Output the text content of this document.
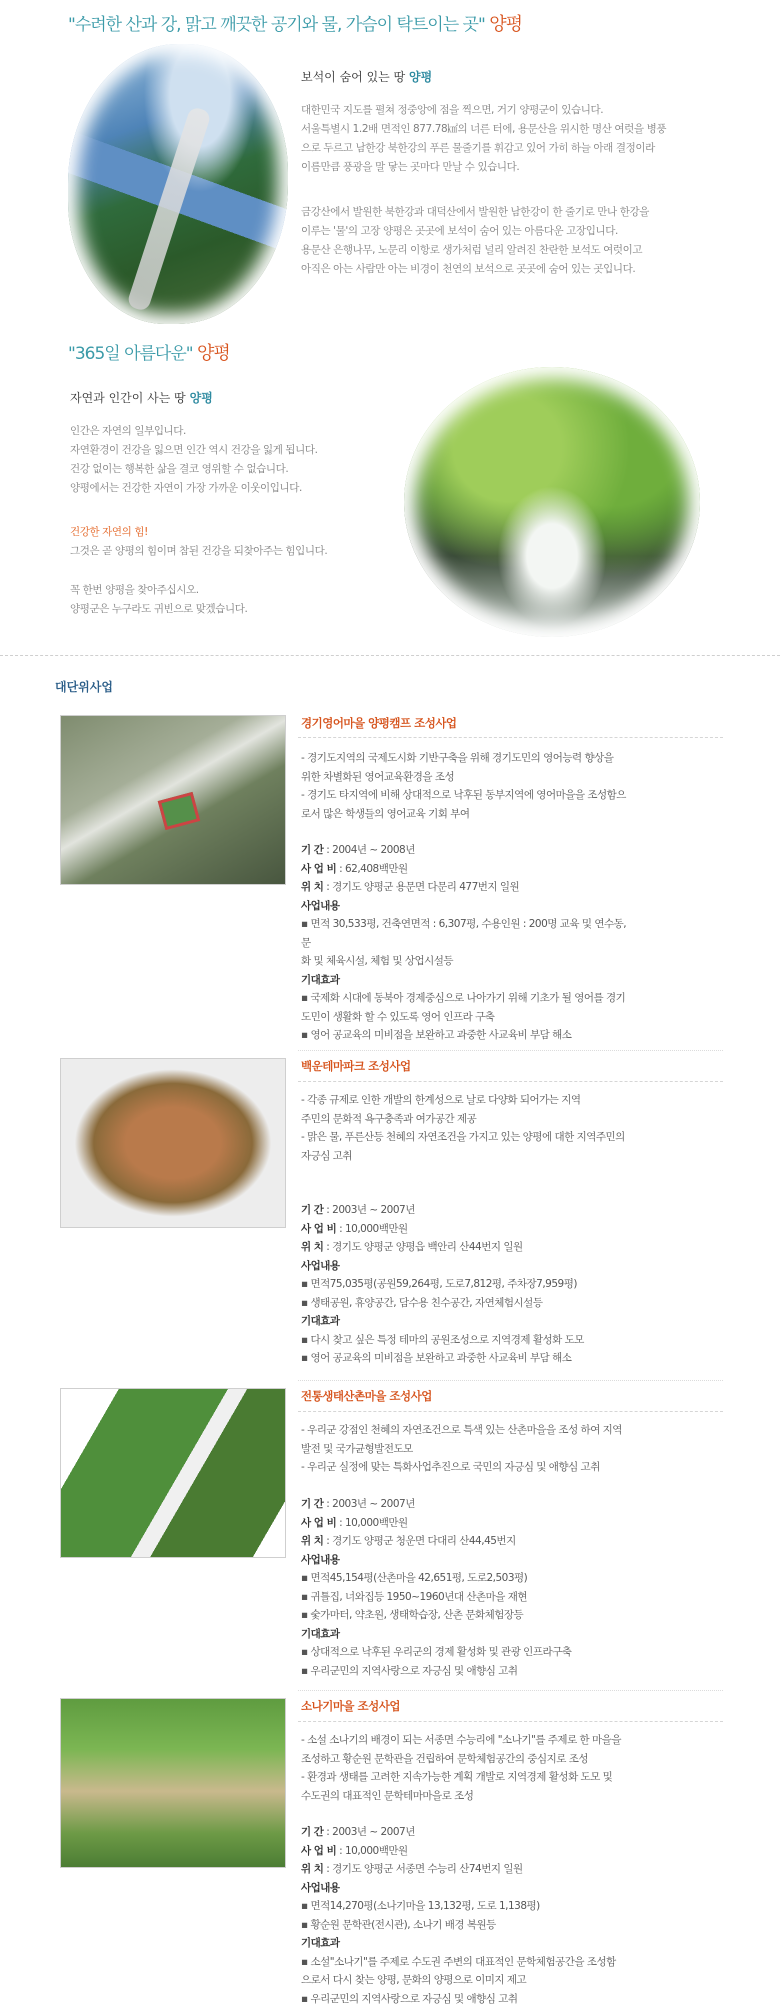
"수려한 산과 강, 맑고 깨끗한 공기와 물, 가슴이 탁트이는 곳" 양평
보석이 숨어 있는 땅 양평

대한민국 지도를 펼쳐 정중앙에 점을 찍으면, 거기 양평군이 있습니다.

서울특별시 1.2배 면적인 877.78㎢의 너른 터에, 용문산을 위시한 명산 여럿을 병풍

으로 두르고 남한강 북한강의 푸른 물줄기를 휘감고 있어 가히 하늘 아래 결정이라

이름만큼 풍광을 말 닿는 곳마다 만날 수 있습니다.

금강산에서 발원한 북한강과 대덕산에서 발원한 남한강이 한 줄기로 만나 한강을

이루는 '물'의 고장 양평은 곳곳에 보석이 숨어 있는 아름다운 고장입니다.

용문산 은행나무, 노문리 이항로 생가처럼 널리 알려진 찬란한 보석도 여럿이고

아직은 아는 사람만 아는 비경이 천연의 보석으로 곳곳에 숨어 있는 곳입니다.

"365일 아름다운" 양평
자연과 인간이 사는 땅 양평

인간은 자연의 일부입니다.

자연환경이 건강을 잃으면 인간 역시 건강을 잃게 됩니다.

건강 없이는 행복한 삶을 결코 영위할 수 없습니다.

양평에서는 건강한 자연이 가장 가까운 이웃이입니다.

건강한 자연의 힘!

그것은 곧 양평의 힘이며 참된 건강을 되찾아주는 힘입니다.

꼭 한번 양평을 찾아주십시오.

양평군은 누구라도 귀빈으로 맞겠습니다.

대단위사업
경기영어마을 양평캠프 조성사업

- 경기도지역의 국제도시화 기반구축을 위해 경기도민의 영어능력 향상을

위한 차별화된 영어교육환경을 조성

- 경기도 타지역에 비해 상대적으로 낙후된 동부지역에 영어마을을 조성함으

로서 많은 학생들의 영어교육 기회 부여

기 간 : 2004년 ~ 2008년

사 업 비 : 62,408백만원

위 치 : 경기도 양평군 용문면 다문리 477번지 일원

사업내용

▪ 면적 30,533평, 건축연면적 : 6,307평, 수용인원 : 200명 교육 및 연수동,

문

화 및 체육시설, 체험 및 상업시설등

기대효과

▪ 국제화 시대에 동북아 경제중심으로 나아가기 위해 기초가 될 영어를 경기

도민이 생활화 할 수 있도록 영어 인프라 구축

▪ 영어 공교육의 미비점을 보완하고 과중한 사교육비 부담 해소

백운테마파크 조성사업

- 각종 규제로 인한 개발의 한계성으로 날로 다양화 되어가는 지역

주민의 문화적 욕구충족과 여가공간 제공

- 맑은 물, 푸른산등 천혜의 자연조건을 가지고 있는 양평에 대한 지역주민의

자긍심 고취

기 간 : 2003년 ~ 2007년

사 업 비 : 10,000백만원

위 치 : 경기도 양평군 양평읍 백안리 산44번지 일원

사업내용

▪ 면적75,035평(공원59,264평, 도로7,812평, 주차장7,959평)

▪ 생태공원, 휴양공간, 담수용 친수공간, 자연체험시설등

기대효과

▪ 다시 찾고 싶은 특정 테마의 공원조성으로 지역경제 활성화 도모

▪ 영어 공교육의 미비점을 보완하고 과중한 사교육비 부담 해소

전통생태산촌마을 조성사업

- 우리군 강점인 천혜의 자연조건으로 특색 있는 산촌마을을 조성 하여 지역

발전 및 국가균형발전도모

- 우리군 실정에 맞는 특화사업추진으로 국민의 자긍심 및 애향심 고취

기 간 : 2003년 ~ 2007년

사 업 비 : 10,000백만원

위 치 : 경기도 양평군 청운면 다대리 산44,45번지

사업내용

▪ 면적45,154평(산촌마을 42,651평, 도로2,503평)

▪ 귀틀집, 너와집등 1950~1960년대 산촌마을 재현

▪ 숯가마터, 약초원, 생태학습장, 산촌 문화체험장등

기대효과

▪ 상대적으로 낙후된 우리군의 경제 활성화 및 관광 인프라구축

▪ 우리군민의 지역사랑으로 자긍심 및 애향심 고취

소나기마을 조성사업

- 소설 소나기의 배경이 되는 서종면 수능리에 "소나기"를 주제로 한 마을을

조성하고 황순원 문학관을 건립하여 문학체험공간의 중심지로 조성

- 환경과 생태를 고려한 지속가능한 계획 개발로 지역경제 활성화 도모 및

수도권의 대표적인 문학테마마을로 조성

기 간 : 2003년 ~ 2007년

사 업 비 : 10,000백만원

위 치 : 경기도 양평군 서종면 수능리 산74번지 일원

사업내용

▪ 면적14,270평(소나기마을 13,132평, 도로 1,138평)

▪ 황순원 문학관(전시관), 소나기 배경 복원등

기대효과

▪ 소설"소나기"를 주제로 수도권 주변의 대표적인 문학체험공간을 조성함

으로서 다시 찾는 양평, 문화의 양평으로 이미지 제고

▪ 우리군민의 지역사랑으로 자긍심 및 애향심 고취
